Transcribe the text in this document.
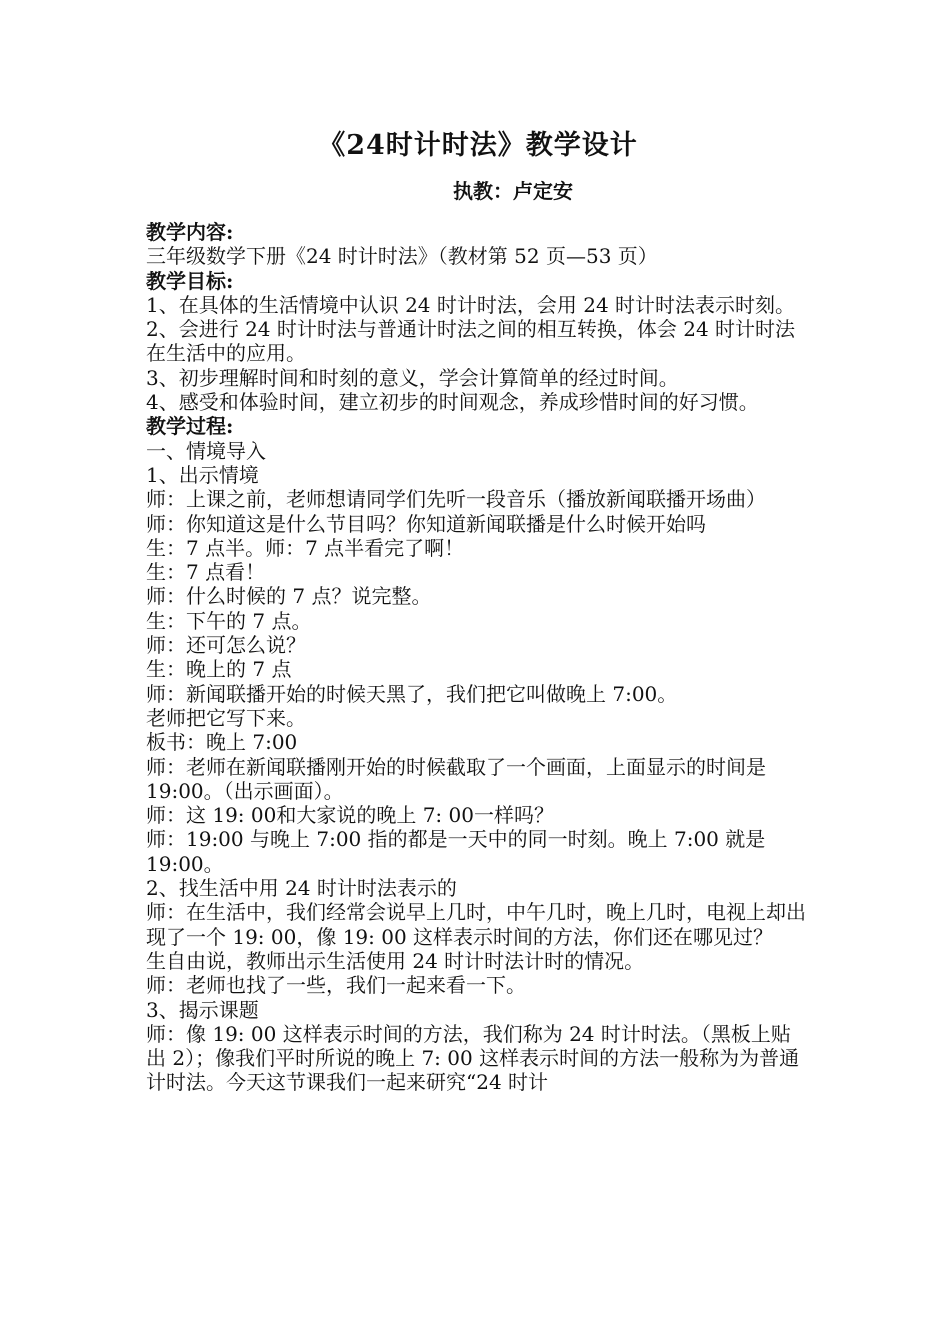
《24时计时法》教学设计
执教：卢定安

教学内容:

三年级数学下册《24 时计时法》（教材第 52 页—53 页）

教学目标:

1、在具体的生活情境中认识 24 时计时法，会用 24 时计时法表示时刻。

2、会进行 24 时计时法与普通计时法之间的相互转换，体会 24 时计时法在生活中的应用。

3、初步理解时间和时刻的意义，学会计算简单的经过时间。

4、感受和体验时间，建立初步的时间观念，养成珍惜时间的好习惯。

教学过程:

一、情境导入

1、出示情境

师：上课之前，老师想请同学们先听一段音乐（播放新闻联播开场曲）

师：你知道这是什么节目吗？你知道新闻联播是什么时候开始吗

生：7 点半。师：7 点半看完了啊！

生：7 点看！

师：什么时候的 7 点？说完整。

生：下午的 7 点。

师：还可怎么说？

生：晚上的 7 点

师：新闻联播开始的时候天黑了，我们把它叫做晚上 7:00。

老师把它写下来。

板书：晚上 7:00

师：老师在新闻联播刚开始的时候截取了一个画面，上面显示的时间是 19:00。（出示画面）。

师：这 19: 00和大家说的晚上 7: 00一样吗？

师：19:00 与晚上 7:00 指的都是一天中的同一时刻。晚上 7:00 就是 19:00。

2、找生活中用 24 时计时法表示的

师：在生活中，我们经常会说早上几时，中午几时，晚上几时，电视上却出现了一个 19: 00，像 19: 00 这样表示时间的方法，你们还在哪见过？

生自由说，教师出示生活使用 24 时计时法计时的情况。

师：老师也找了一些，我们一起来看一下。

3、揭示课题

师：像 19: 00 这样表示时间的方法，我们称为 24 时计时法。（黑板上贴出 2）；像我们平时所说的晚上 7: 00 这样表示时间的方法一般称为为普通计时法。今天这节课我们一起来研究“24 时计
